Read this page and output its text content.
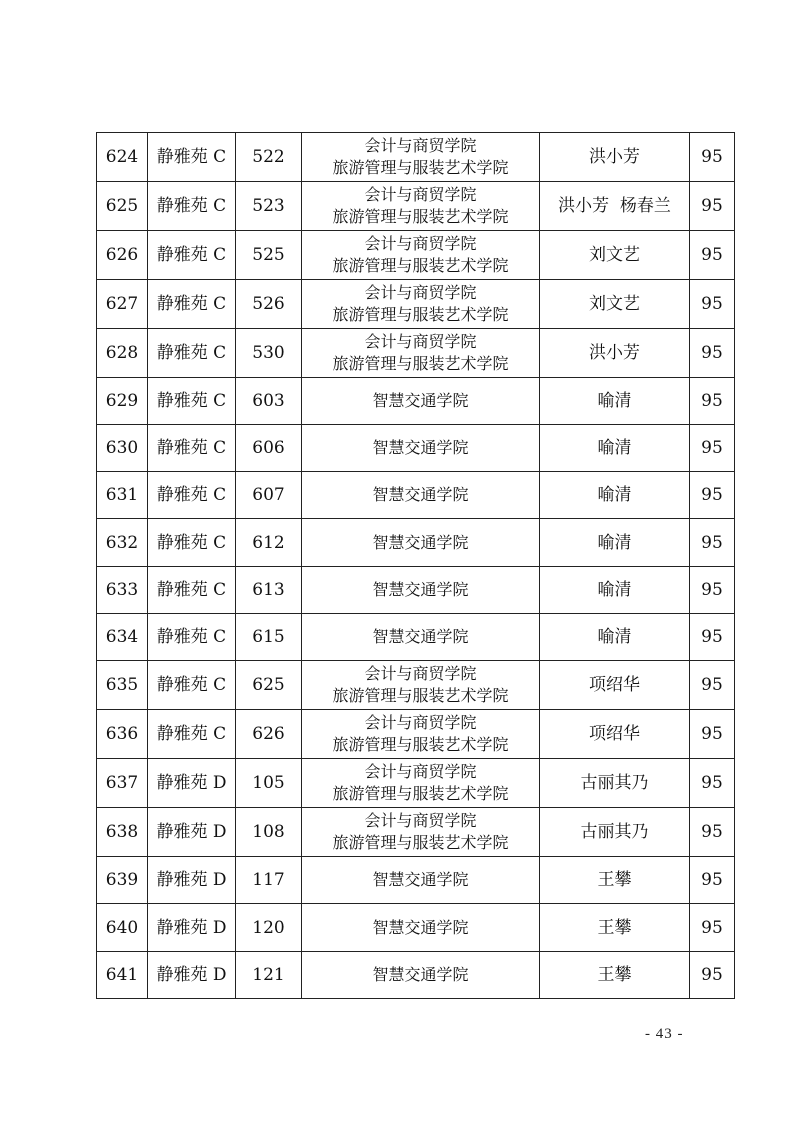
624	静雅苑 C	522	会计与商贸学院
旅游管理与服装艺术学院	洪小芳	95
625	静雅苑 C	523	会计与商贸学院
旅游管理与服装艺术学院	洪小芳  杨春兰	95
626	静雅苑 C	525	会计与商贸学院
旅游管理与服装艺术学院	刘文艺	95
627	静雅苑 C	526	会计与商贸学院
旅游管理与服装艺术学院	刘文艺	95
628	静雅苑 C	530	会计与商贸学院
旅游管理与服装艺术学院	洪小芳	95
629	静雅苑 C	603	智慧交通学院	喻清	95
630	静雅苑 C	606	智慧交通学院	喻清	95
631	静雅苑 C	607	智慧交通学院	喻清	95
632	静雅苑 C	612	智慧交通学院	喻清	95
633	静雅苑 C	613	智慧交通学院	喻清	95
634	静雅苑 C	615	智慧交通学院	喻清	95
635	静雅苑 C	625	会计与商贸学院
旅游管理与服装艺术学院	项绍华	95
636	静雅苑 C	626	会计与商贸学院
旅游管理与服装艺术学院	项绍华	95
637	静雅苑 D	105	会计与商贸学院
旅游管理与服装艺术学院	古丽其乃	95
638	静雅苑 D	108	会计与商贸学院
旅游管理与服装艺术学院	古丽其乃	95
639	静雅苑 D	117	智慧交通学院	王攀	95
640	静雅苑 D	120	智慧交通学院	王攀	95
641	静雅苑 D	121	智慧交通学院	王攀	95
- 43 -
